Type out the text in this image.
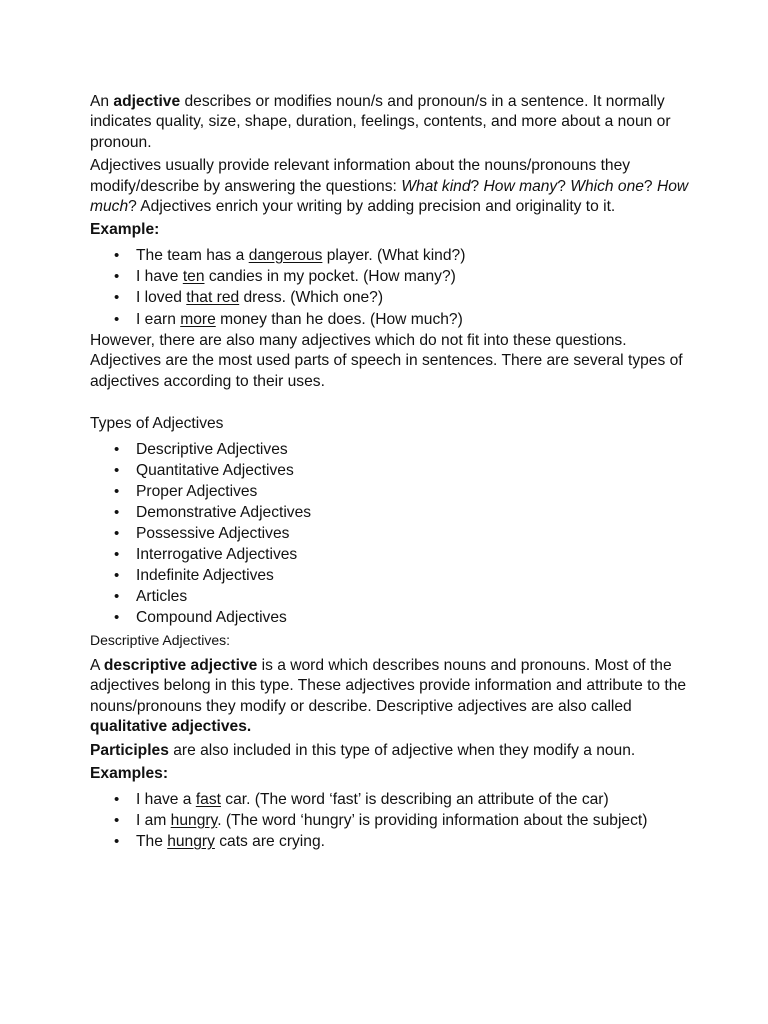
An adjective describes or modifies noun/s and pronoun/s in a sentence. It normally indicates quality, size, shape, duration, feelings, contents, and more about a noun or pronoun.

Adjectives usually provide relevant information about the nouns/pronouns they modify/describe by answering the questions: What kind? How many? Which one? How much? Adjectives enrich your writing by adding precision and originality to it.

Example:
• The team has a dangerous player. (What kind?)
• I have ten candies in my pocket. (How many?)
• I loved that red dress. (Which one?)
• I earn more money than he does. (How much?)

However, there are also many adjectives which do not fit into these questions. Adjectives are the most used parts of speech in sentences. There are several types of adjectives according to their uses.

Types of Adjectives
• Descriptive Adjectives
• Quantitative Adjectives
• Proper Adjectives
• Demonstrative Adjectives
• Possessive Adjectives
• Interrogative Adjectives
• Indefinite Adjectives
• Articles
• Compound Adjectives
Descriptive Adjectives:

A descriptive adjective is a word which describes nouns and pronouns. Most of the adjectives belong in this type. These adjectives provide information and attribute to the nouns/pronouns they modify or describe. Descriptive adjectives are also called qualitative adjectives.

Participles are also included in this type of adjective when they modify a noun.

Examples:
• I have a fast car. (The word ‘fast’ is describing an attribute of the car)
• I am hungry. (The word ‘hungry’ is providing information about the subject)
• The hungry cats are crying.
